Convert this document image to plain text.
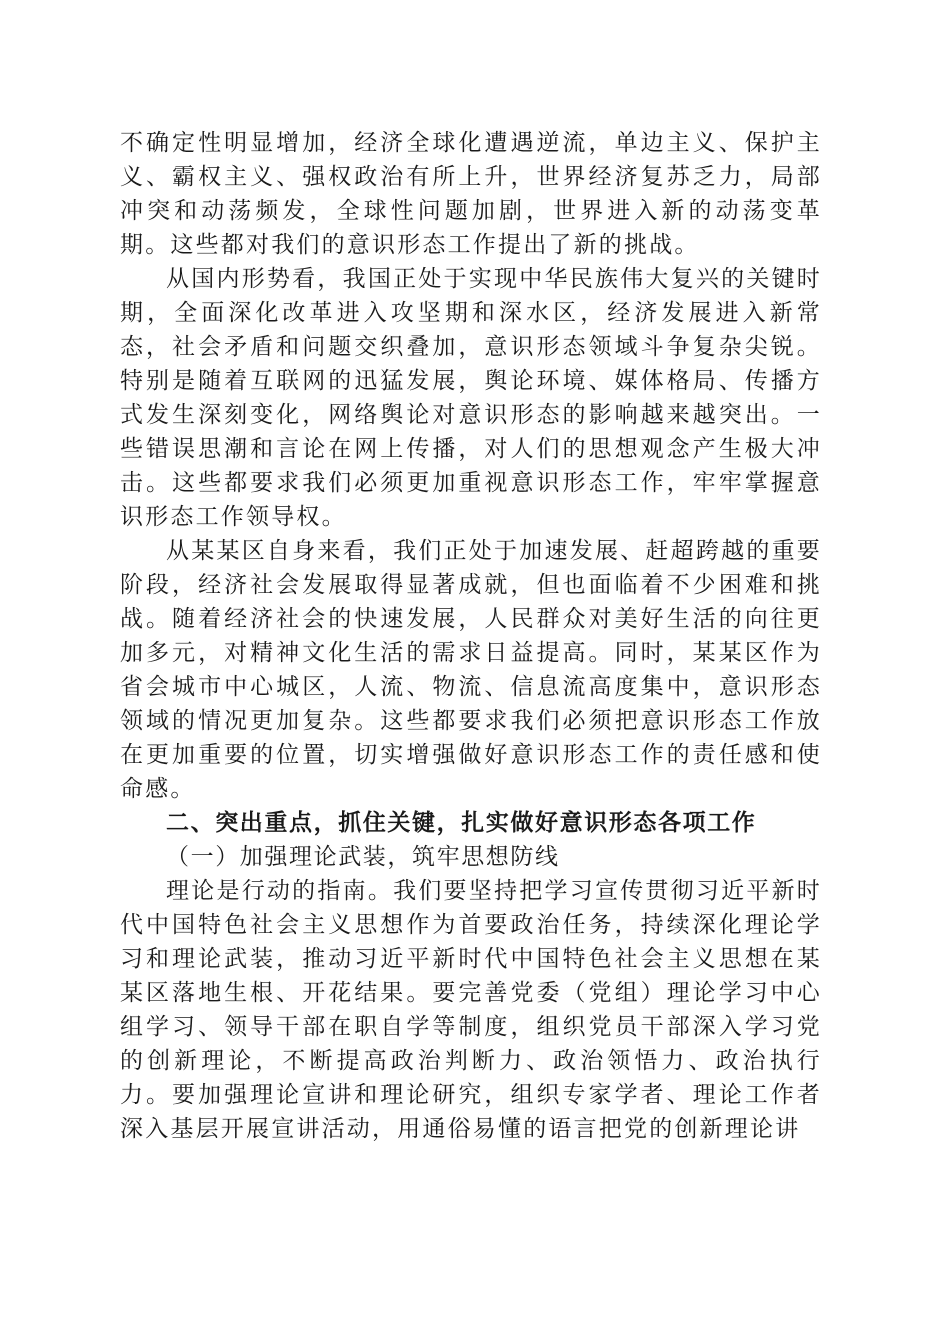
不确定性明显增加，经济全球化遭遇逆流，单边主义、保护主义、霸权主义、强权政治有所上升，世界经济复苏乏力，局部冲突和动荡频发，全球性问题加剧，世界进入新的动荡变革期。这些都对我们的意识形态工作提出了新的挑战。

从国内形势看，我国正处于实现中华民族伟大复兴的关键时期，全面深化改革进入攻坚期和深水区，经济发展进入新常态，社会矛盾和问题交织叠加，意识形态领域斗争复杂尖锐。特别是随着互联网的迅猛发展，舆论环境、媒体格局、传播方式发生深刻变化，网络舆论对意识形态的影响越来越突出。一些错误思潮和言论在网上传播，对人们的思想观念产生极大冲击。这些都要求我们必须更加重视意识形态工作，牢牢掌握意识形态工作领导权。

从某某区自身来看，我们正处于加速发展、赶超跨越的重要阶段，经济社会发展取得显著成就，但也面临着不少困难和挑战。随着经济社会的快速发展，人民群众对美好生活的向往更加多元，对精神文化生活的需求日益提高。同时，某某区作为省会城市中心城区，人流、物流、信息流高度集中，意识形态领域的情况更加复杂。这些都要求我们必须把意识形态工作放在更加重要的位置，切实增强做好意识形态工作的责任感和使命感。

二、突出重点，抓住关键，扎实做好意识形态各项工作

（一）加强理论武装，筑牢思想防线

理论是行动的指南。我们要坚持把学习宣传贯彻习近平新时代中国特色社会主义思想作为首要政治任务，持续深化理论学习和理论武装，推动习近平新时代中国特色社会主义思想在某某区落地生根、开花结果。要完善党委（党组）理论学习中心组学习、领导干部在职自学等制度，组织党员干部深入学习党的创新理论，不断提高政治判断力、政治领悟力、政治执行力。要加强理论宣讲和理论研究，组织专家学者、理论工作者深入基层开展宣讲活动，用通俗易懂的语言把党的创新理论讲
